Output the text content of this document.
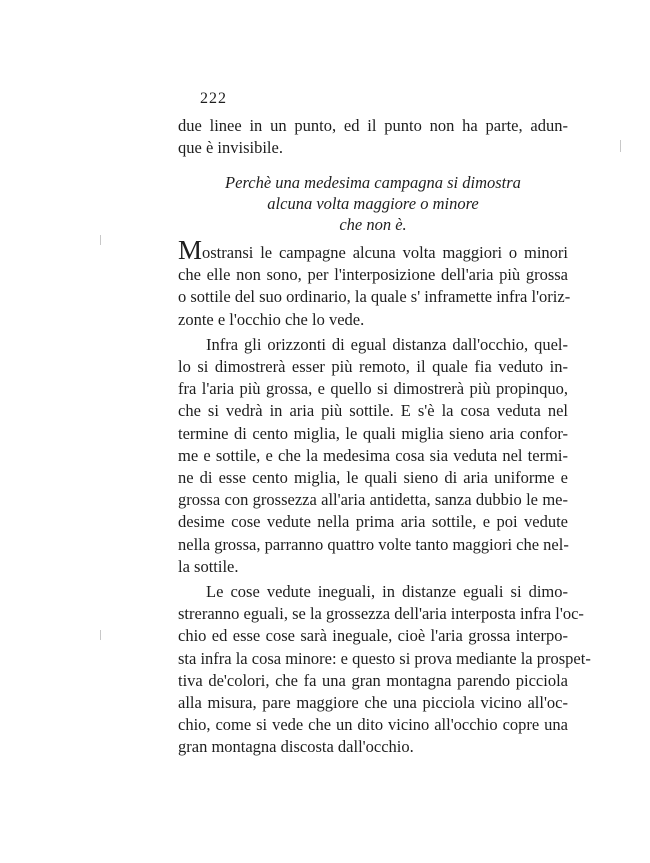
222
due linee in un punto, ed il punto non ha parte, adun-
que è invisibile.
Perchè una medesima campagna si dimostra
alcuna volta maggiore o minore
che non è.
Mostransi le campagne alcuna volta maggiori o minori
che elle non sono, per l'interposizione dell'aria più grossa
o sottile del suo ordinario, la quale s' inframette infra l'oriz-
zonte e l'occhio che lo vede.
Infra gli orizzonti di egual distanza dall'occhio, quel-
lo si dimostrerà esser più remoto, il quale fia veduto in-
fra l'aria più grossa, e quello si dimostrerà più propinquo,
che si vedrà in aria più sottile. E s'è la cosa veduta nel
termine di cento miglia, le quali miglia sieno aria confor-
me e sottile, e che la medesima cosa sia veduta nel termi-
ne di esse cento miglia, le quali sieno di aria uniforme e
grossa con grossezza all'aria antidetta, sanza dubbio le me-
desime cose vedute nella prima aria sottile, e poi vedute
nella grossa, parranno quattro volte tanto maggiori che nel-
la sottile.
Le cose vedute ineguali, in distanze eguali si dimo-
streranno eguali, se la grossezza dell'aria interposta infra l'oc-
chio ed esse cose sarà ineguale, cioè l'aria grossa interpo-
sta infra la cosa minore: e questo si prova mediante la prospet-
tiva de'colori, che fa una gran montagna parendo picciola
alla misura, pare maggiore che una picciola vicino all'oc-
chio, come si vede che un dito vicino all'occhio copre una
gran montagna discosta dall'occhio.
